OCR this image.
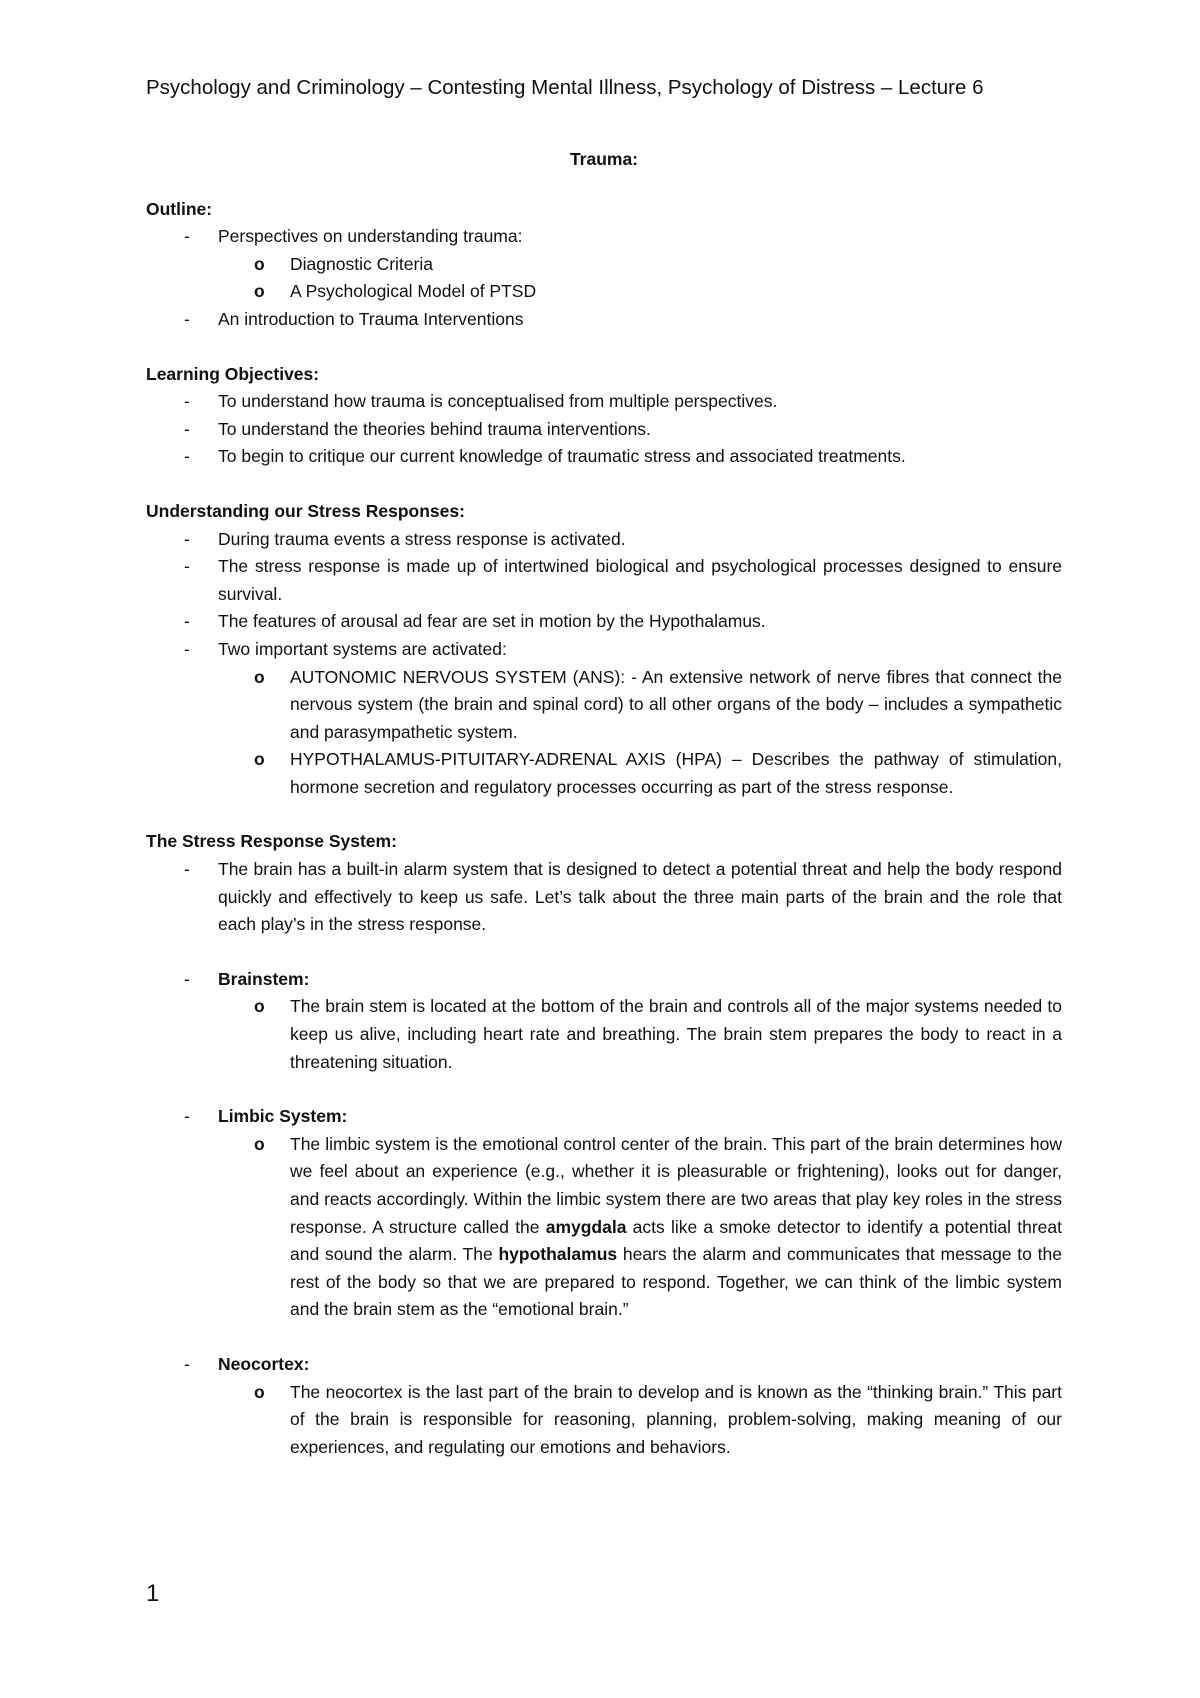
Psychology and Criminology – Contesting Mental Illness, Psychology of Distress – Lecture 6
Trauma:
Outline:
-	Perspectives on understanding trauma:
o	Diagnostic Criteria
o	A Psychological Model of PTSD
-	An introduction to Trauma Interventions
Learning Objectives:
-	To understand how trauma is conceptualised from multiple perspectives.
-	To understand the theories behind trauma interventions.
-	To begin to critique our current knowledge of traumatic stress and associated treatments.
Understanding our Stress Responses:
-	During trauma events a stress response is activated.
-	The stress response is made up of intertwined biological and psychological processes designed to ensure survival.
-	The features of arousal ad fear are set in motion by the Hypothalamus.
-	Two important systems are activated:
o	AUTONOMIC NERVOUS SYSTEM (ANS): - An extensive network of nerve fibres that connect the nervous system (the brain and spinal cord) to all other organs of the body – includes a sympathetic and parasympathetic system.
o	HYPOTHALAMUS-PITUITARY-ADRENAL AXIS (HPA) – Describes the pathway of stimulation, hormone secretion and regulatory processes occurring as part of the stress response.
The Stress Response System:
-	The brain has a built-in alarm system that is designed to detect a potential threat and help the body respond quickly and effectively to keep us safe. Let’s talk about the three main parts of the brain and the role that each play’s in the stress response.
-	Brainstem:
o	The brain stem is located at the bottom of the brain and controls all of the major systems needed to keep us alive, including heart rate and breathing. The brain stem prepares the body to react in a threatening situation.
-	Limbic System:
o	The limbic system is the emotional control center of the brain. This part of the brain determines how we feel about an experience (e.g., whether it is pleasurable or frightening), looks out for danger, and reacts accordingly. Within the limbic system there are two areas that play key roles in the stress response. A structure called the amygdala acts like a smoke detector to identify a potential threat and sound the alarm. The hypothalamus hears the alarm and communicates that message to the rest of the body so that we are prepared to respond. Together, we can think of the limbic system and the brain stem as the “emotional brain.”
-	Neocortex:
o	The neocortex is the last part of the brain to develop and is known as the “thinking brain.” This part of the brain is responsible for reasoning, planning, problem-solving, making meaning of our experiences, and regulating our emotions and behaviors.
1
